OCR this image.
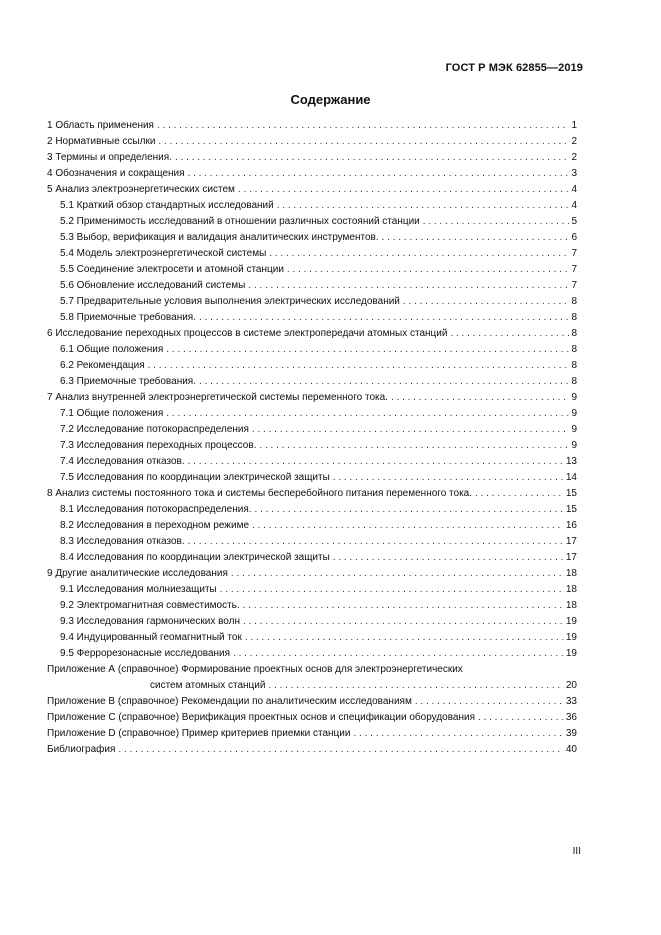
ГОСТ Р МЭК 62855—2019
Содержание
1 Область применения . . .	1
2 Нормативные ссылки . . .	2
3 Термины и определения. . . .	2
4 Обозначения и сокращения . . .	3
5 Анализ электроэнергетических систем . . .	4
5.1 Краткий обзор стандартных исследований . . .	4
5.2 Применимость исследований в отношении различных состояний станции . . .	5
5.3 Выбор, верификация и валидация аналитических инструментов. . . .	6
5.4 Модель электроэнергетической системы . . .	7
5.5 Соединение электросети и атомной станции . . .	7
5.6 Обновление исследований системы . . .	7
5.7 Предварительные условия выполнения электрических исследований . . .	8
5.8 Приемочные требования. . . .	8
6 Исследование переходных процессов в системе электропередачи атомных станций . . .	8
6.1 Общие положения . . .	8
6.2 Рекомендация . . .	8
6.3 Приемочные требования. . . .	8
7 Анализ внутренней электроэнергетической системы переменного тока. . . .	9
7.1 Общие положения . . .	9
7.2 Исследование потокораспределения . . .	9
7.3 Исследования переходных процессов. . . .	9
7.4 Исследования отказов. . . .	13
7.5 Исследования по координации электрической защиты . . .	14
8 Анализ системы постоянного тока и системы бесперебойного питания переменного тока. . . .	15
8.1 Исследования потокораспределения. . . .	15
8.2 Исследования в переходном режиме . . .	16
8.3 Исследования отказов. . . .	17
8.4 Исследования по координации электрической защиты . . .	17
9 Другие аналитические исследования . . .	18
9.1 Исследования молниезащиты . . .	18
9.2 Электромагнитная совместимость. . . .	18
9.3 Исследования гармонических волн . . .	19
9.4 Индуцированный геомагнитный ток . . .	19
9.5 Феррорезонасные исследования . . .	19
Приложение А (справочное) Формирование проектных основ для электроэнергетических
систем атомных станций . . .	20
Приложение В (справочное) Рекомендации по аналитическим исследованиям . . .	33
Приложение С (справочное) Верификация проектных основ и спецификации оборудования . . .	36
Приложение D (справочное) Пример критериев приемки станции . . .	39
Библиография . . .	40
III
